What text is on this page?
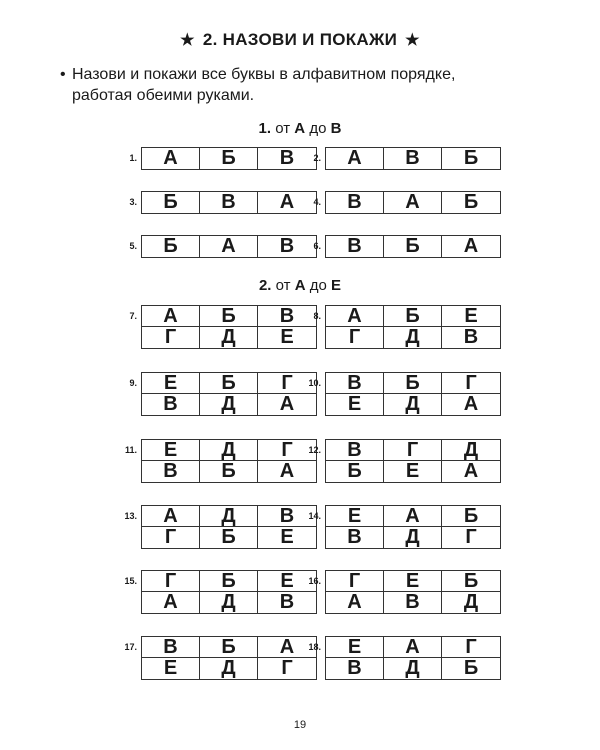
★ 2. НАЗОВИ И ПОКАЖИ ★
• Назови и покажи все буквы в алфавитном порядке,
работая обеими руками.
1. от А до В
1.	А	Б	В	2.	А	В	Б
3.	Б	В	А	4.	В	А	Б
5.	Б	А	В	6.	В	Б	А
2. от А до Е
7.	А	Б	В
Г	Д	Е
8.	А	Б	Е
Г	Д	В
9.	Е	Б	Г
В	Д	А
10.	В	Б	Г
Е	Д	А
11.	Е	Д	Г
В	Б	А
12.	В	Г	Д
Б	Е	А
13.	А	Д	В
Г	Б	Е
14.	Е	А	Б
В	Д	Г
15.	Г	Б	Е
А	Д	В
16.	Г	Е	Б
А	В	Д
17.	В	Б	А
Е	Д	Г
18.	Е	А	Г
В	Д	Б
19
